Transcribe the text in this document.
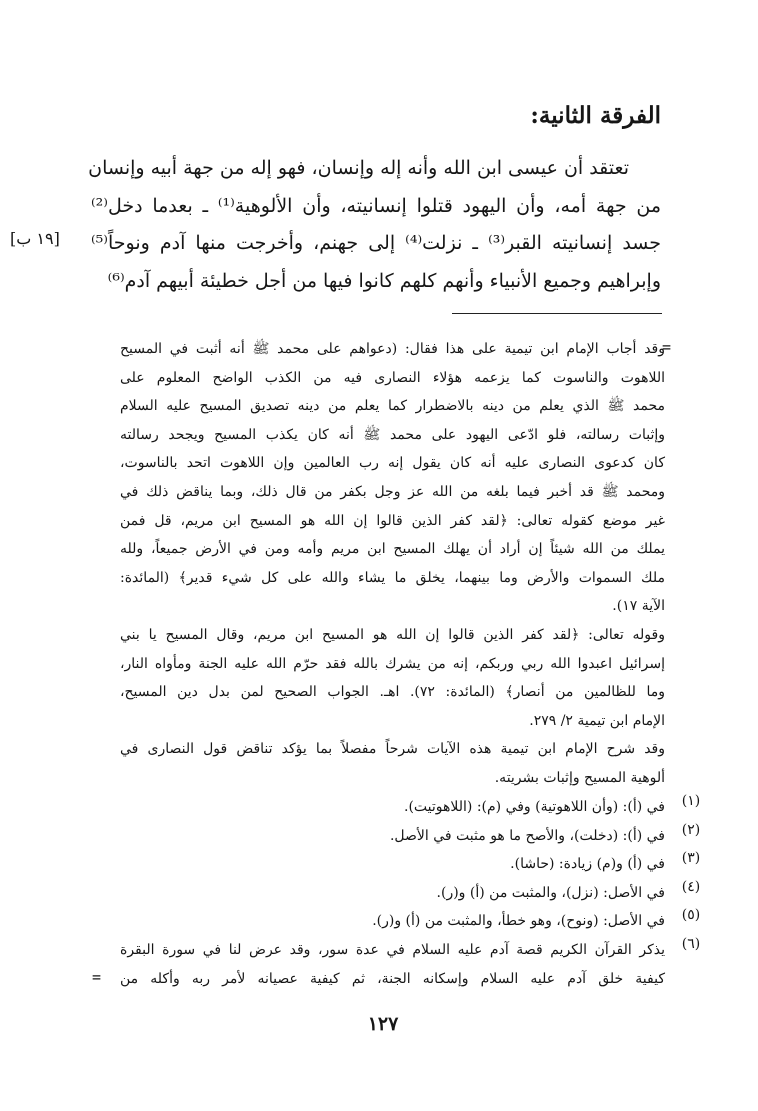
الفرقة الثانية:
تعتقد أن عيسى ابن الله وأنه إله وإنسان، فهو إله من جهة أبيه وإنسان
من جهة أمه، وأن اليهود قتلوا إنسانيته، وأن الألوهية⁽¹⁾ ـ بعدما دخل⁽²⁾
جسد إنسانيته القبر⁽³⁾ ـ نزلت⁽⁴⁾ إلى جهنم، وأخرجت منها آدم ونوحاً⁽⁵⁾
وإبراهيم وجميع الأنبياء وأنهم كلهم كانوا فيها من أجل خطيئة أبيهم آدم⁽⁶⁾
[١٩ ب]
=
وقد أجاب الإمام ابن تيمية على هذا فقال: (دعواهم على محمد ﷺ أنه أثبت في المسيح
اللاهوت والناسوت كما يزعمه هؤلاء النصارى فيه من الكذب الواضح المعلوم على
محمد ﷺ الذي يعلم من دينه بالاضطرار كما يعلم من دينه تصديق المسيح عليه السلام
وإثبات رسالته، فلو ادّعى اليهود على محمد ﷺ أنه كان يكذب المسيح ويجحد رسالته
كان كدعوى النصارى عليه أنه كان يقول إنه رب العالمين وإن اللاهوت اتحد بالناسوت،
ومحمد ﷺ قد أخبر فيما بلغه من الله عز وجل بكفر من قال ذلك، وبما يناقض ذلك في
غير موضع كقوله تعالى: ﴿لقد كفر الذين قالوا إن الله هو المسيح ابن مريم، قل فمن
يملك من الله شيئاً إن أراد أن يهلك المسيح ابن مريم وأمه ومن في الأرض جميعاً، ولله
ملك السموات والأرض وما بينهما، يخلق ما يشاء والله على كل شيء قدير﴾ (المائدة:
الآية ١٧).
وقوله تعالى: ﴿لقد كفر الذين قالوا إن الله هو المسيح ابن مريم، وقال المسيح يا بني
إسرائيل اعبدوا الله ربي وربكم، إنه من يشرك بالله فقد حرّم الله عليه الجنة ومأواه النار،
وما للظالمين من أنصار﴾ (المائدة: ٧٢). اهـ. الجواب الصحيح لمن بدل دين المسيح،
الإمام ابن تيمية ٢/ ٢٧٩.
وقد شرح الإمام ابن تيمية هذه الآيات شرحاً مفصلاً بما يؤكد تناقض قول النصارى في
ألوهية المسيح وإثبات بشريته.
(١)
في (أ): (وأن اللاهوتية) وفي (م): (اللاهوتيت).
(٢)
في (أ): (دخلت)، والأصح ما هو مثبت في الأصل.
(٣)
في (أ) و(م) زيادة: (حاشا).
(٤)
في الأصل: (نزل)، والمثبت من (أ) و(ر).
(٥)
في الأصل: (ونوح)، وهو خطأ، والمثبت من (أ) و(ر).
(٦)
يذكر القرآن الكريم قصة آدم عليه السلام في عدة سور، وقد عرض لنا في سورة البقرة
كيفية خلق آدم عليه السلام وإسكانه الجنة، ثم كيفية عصيانه لأمر ربه وأكله من
=
١٢٧
